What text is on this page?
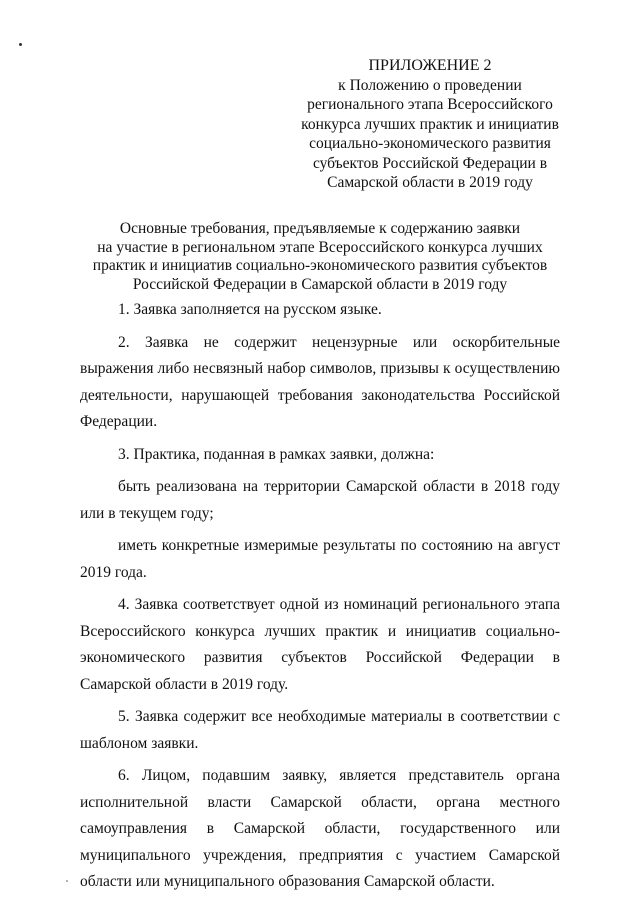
ПРИЛОЖЕНИЕ 2
к Положению о проведении
регионального этапа Всероссийского
конкурса лучших практик и инициатив
социально-экономического развития
субъектов Российской Федерации в
Самарской области в 2019 году
Основные требования, предъявляемые к содержанию заявки
на участие в региональном этапе Всероссийского конкурса лучших
практик и инициатив социально-экономического развития субъектов
Российской Федерации в Самарской области в 2019 году

1. Заявка заполняется на русском языке.

2. Заявка не содержит нецензурные или оскорбительные выражения либо несвязный набор символов, призывы к осуществлению деятельности, нарушающей требования законодательства Российской Федерации.

3. Практика, поданная в рамках заявки, должна:

быть реализована на территории Самарской области в 2018 году или в текущем году;

иметь конкретные измеримые результаты по состоянию на август 2019 года.

4. Заявка соответствует одной из номинаций регионального этапа Всероссийского конкурса лучших практик и инициатив социально-экономического развития субъектов Российской Федерации в Самарской области в 2019 году.

5. Заявка содержит все необходимые материалы в соответствии с шаблоном заявки.

6. Лицом, подавшим заявку, является представитель органа исполнительной власти Самарской области, органа местного самоуправления в Самарской области, государственного или муниципального учреждения, предприятия с участием Самарской области или муниципального образования Самарской области.
